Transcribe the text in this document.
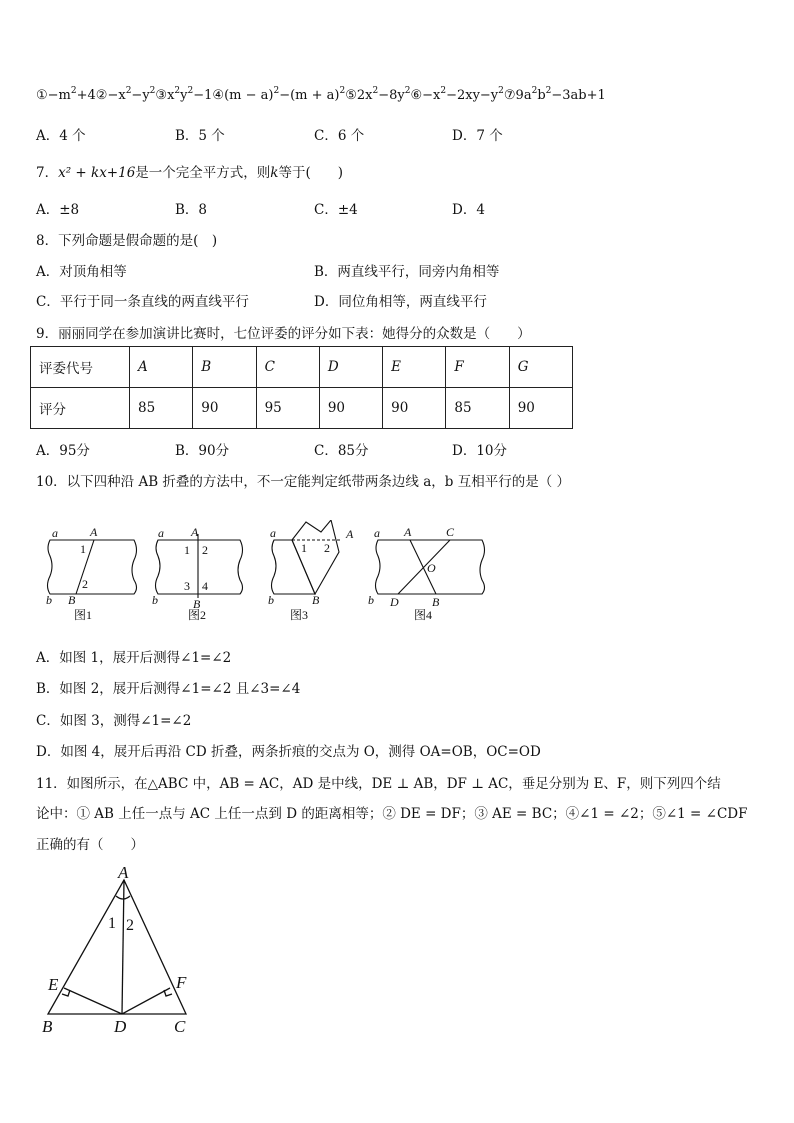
$①-m^2+4②-x^2-y^2③x^2y^2-1④(m - a)^2-(m$ + $a)^2⑤2x^2-8y^2⑥-x^2-2xy-y^2⑦9a^2b^2-3ab+1$
A．4 个	B．5 个	C．6 个	D．7 个
7．x² + kx+16是一个完全平方式，则k等于(　　)
A．±8	B．8	C．±4	D．4
8．下列命题是假命题的是(　)
A．对顶角相等	B．两直线平行，同旁内角相等
C．平行于同一条直线的两直线平行	D．同位角相等，两直线平行
9．丽丽同学在参加演讲比赛时，七位评委的评分如下表：她得分的众数是（　　）
评委代号	A	B	C	D	E	F	G
评分	85	90	95	90	90	85	90
A．95分	B．90分	C．85分	D．10分
10．以下四种沿 AB 折叠的方法中，不一定能判定纸带两条边线 a，b 互相平行的是（ ）
a	A
1
2
b B
图1
a A
1 2
3 4
b	B
图2
a
1 2
A
b	B
图3
a A	C
O
b D	B
图4
A．如图 1，展开后测得∠1=∠2
B．如图 2，展开后测得∠1=∠2 且∠3=∠4
C．如图 3，测得∠1=∠2
D．如图 4，展开后再沿 CD 折叠，两条折痕的交点为 O，测得 OA=OB，OC=OD
11．如图所示，在△ABC 中，AB = AC，AD 是中线，DE ⊥ AB，DF ⊥ AC，垂足分别为 E、F，则下列四个结
论中：① AB 上任一点与 AC 上任一点到 D 的距离相等；② DE = DF；③ AE = BC；④∠1 = ∠2；⑤∠1 = ∠CDF
正确的有（　　）
A
E	F
B	D	C
1 2
